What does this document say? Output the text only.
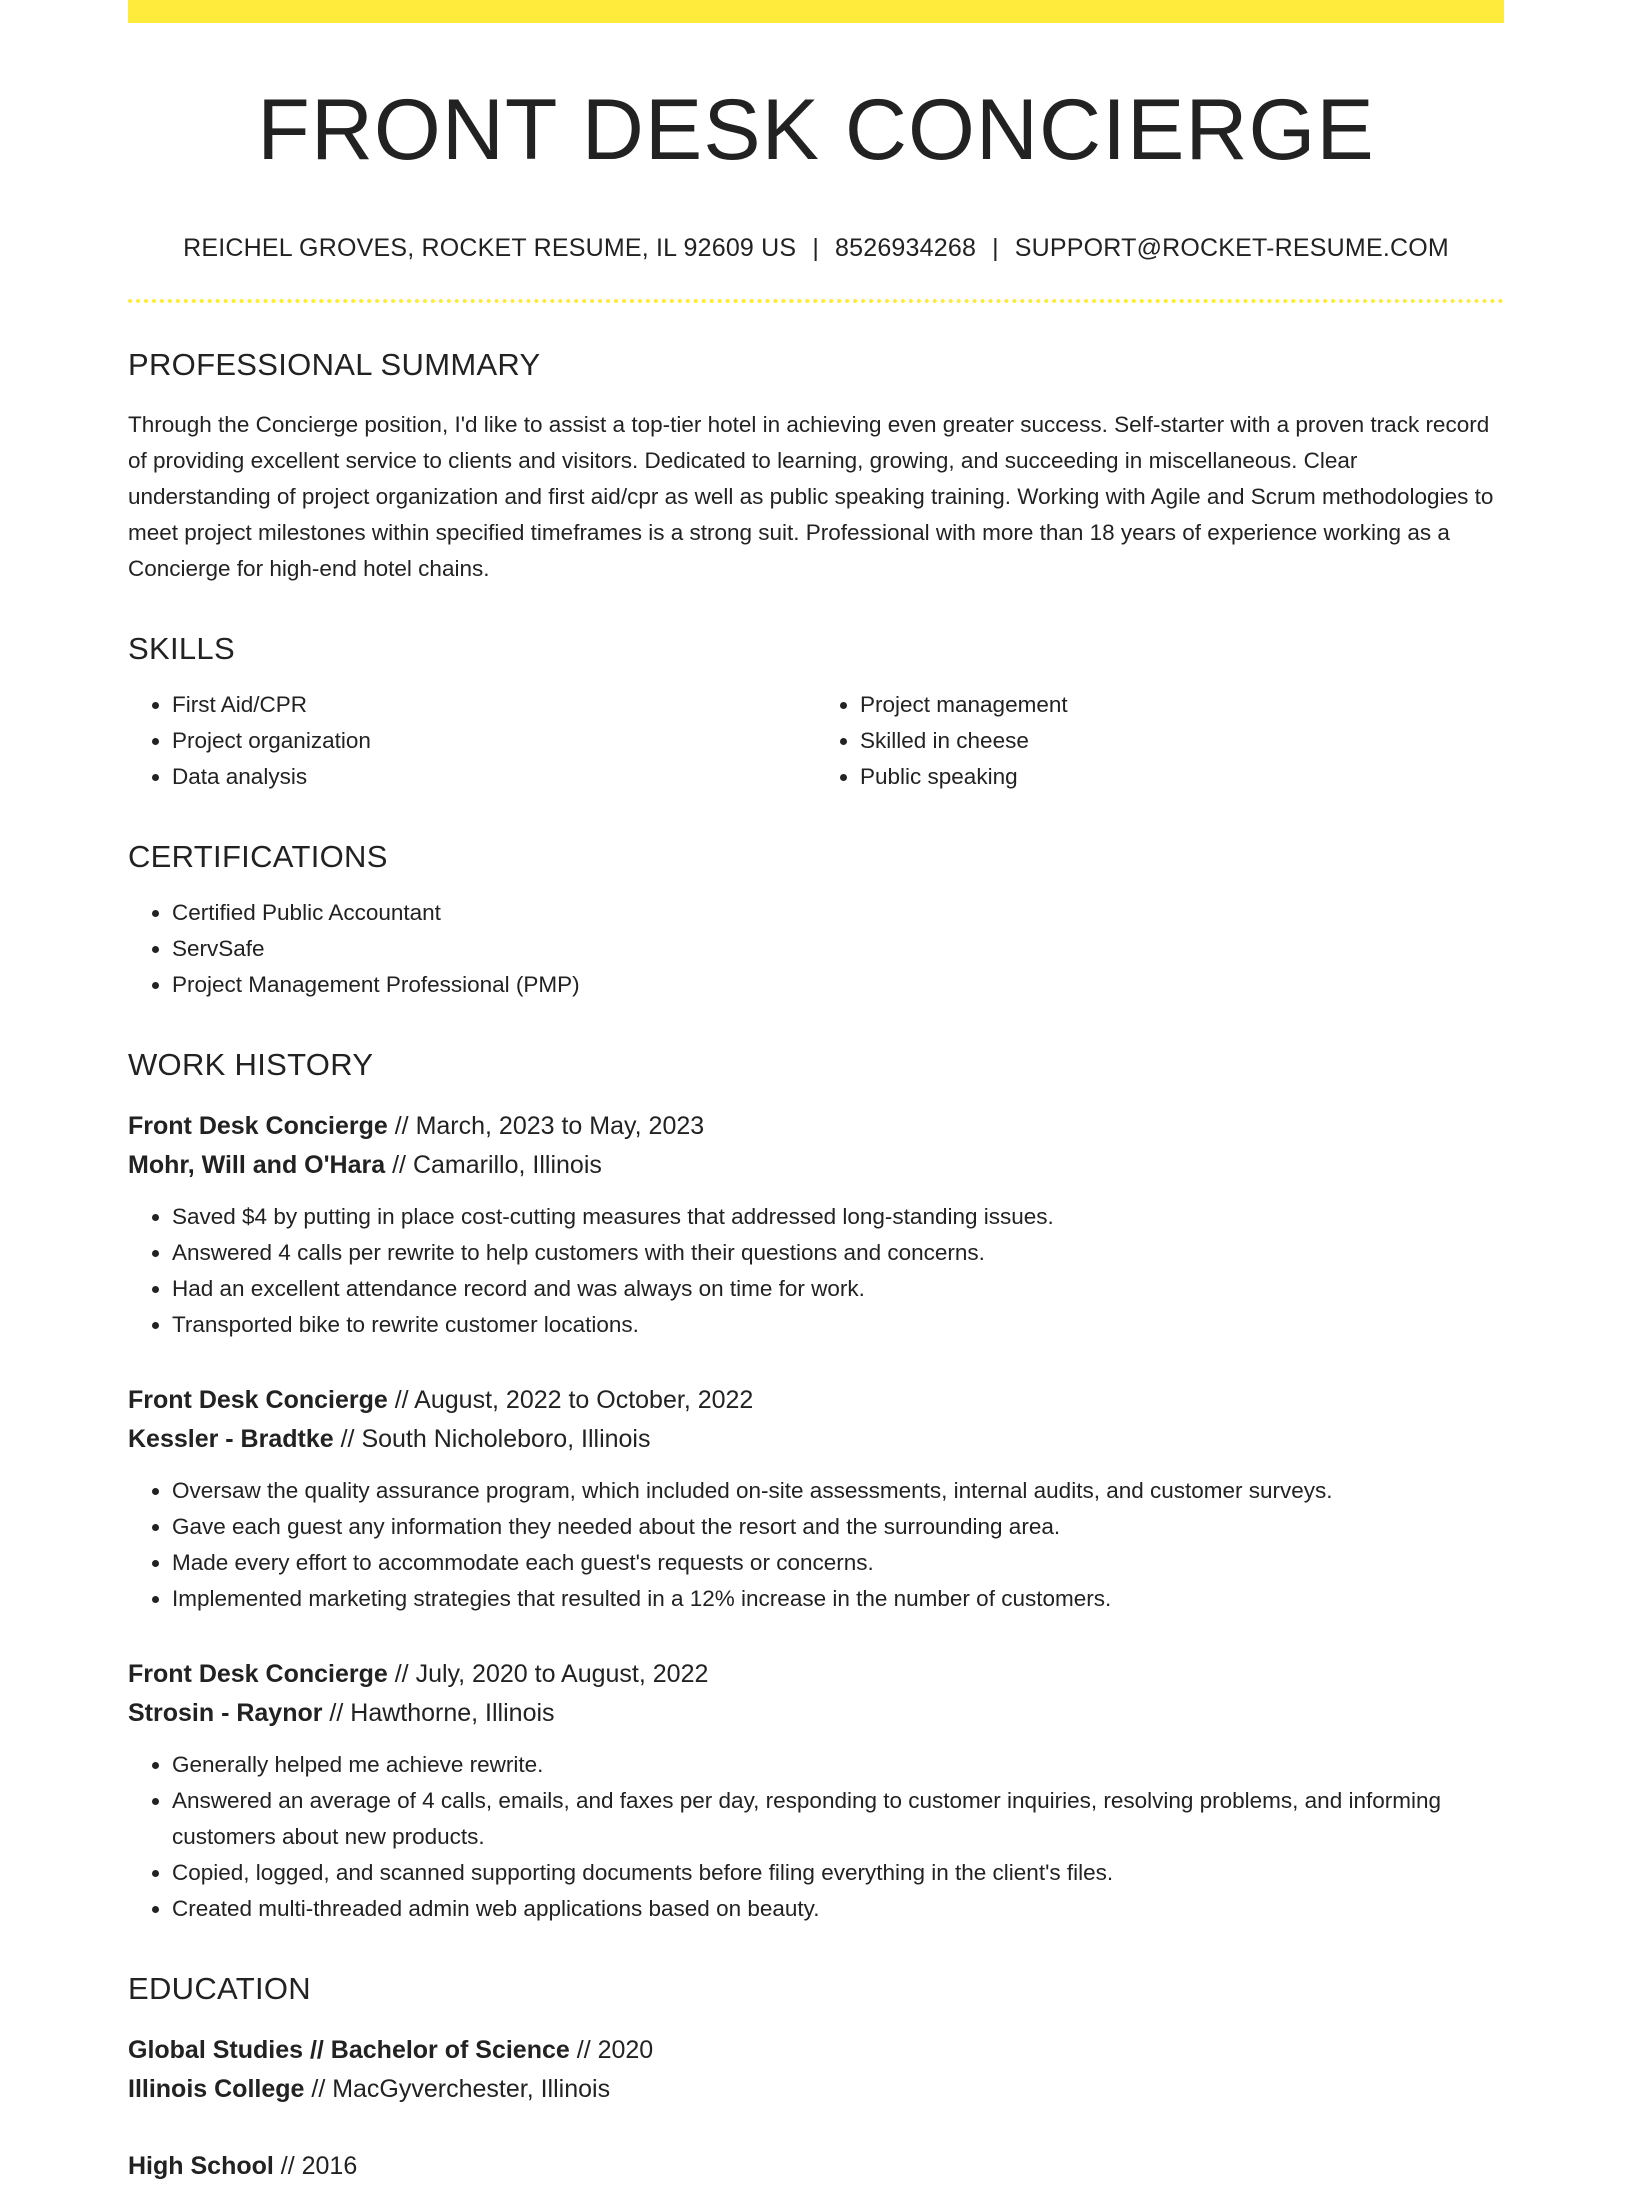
FRONT DESK CONCIERGE
REICHEL GROVES, ROCKET RESUME, IL 92609 US | 8526934268 | SUPPORT@ROCKET-RESUME.COM
PROFESSIONAL SUMMARY

Through the Concierge position, I'd like to assist a top-tier hotel in achieving even greater success. Self-starter with a proven track record of providing excellent service to clients and visitors. Dedicated to learning, growing, and succeeding in miscellaneous. Clear understanding of project organization and first aid/cpr as well as public speaking training. Working with Agile and Scrum methodologies to meet project milestones within specified timeframes is a strong suit. Professional with more than 18 years of experience working as a Concierge for high-end hotel chains.

SKILLS
• First Aid/CPR
• Project organization
• Data analysis
• Project management
• Skilled in cheese
• Public speaking
CERTIFICATIONS
• Certified Public Accountant
• ServSafe
• Project Management Professional (PMP)
WORK HISTORY
Front Desk Concierge // March, 2023 to May, 2023
Mohr, Will and O'Hara // Camarillo, Illinois
• Saved $4 by putting in place cost-cutting measures that addressed long-standing issues.
• Answered 4 calls per rewrite to help customers with their questions and concerns.
• Had an excellent attendance record and was always on time for work.
• Transported bike to rewrite customer locations.
Front Desk Concierge // August, 2022 to October, 2022
Kessler - Bradtke // South Nicholeboro, Illinois
• Oversaw the quality assurance program, which included on-site assessments, internal audits, and customer surveys.
• Gave each guest any information they needed about the resort and the surrounding area.
• Made every effort to accommodate each guest's requests or concerns.
• Implemented marketing strategies that resulted in a 12% increase in the number of customers.
Front Desk Concierge // July, 2020 to August, 2022
Strosin - Raynor // Hawthorne, Illinois
• Generally helped me achieve rewrite.
• Answered an average of 4 calls, emails, and faxes per day, responding to customer inquiries, resolving problems, and informing customers about new products.
• Copied, logged, and scanned supporting documents before filing everything in the client's files.
• Created multi-threaded admin web applications based on beauty.
EDUCATION
Global Studies // Bachelor of Science // 2020
Illinois College // MacGyverchester, Illinois
High School // 2016
